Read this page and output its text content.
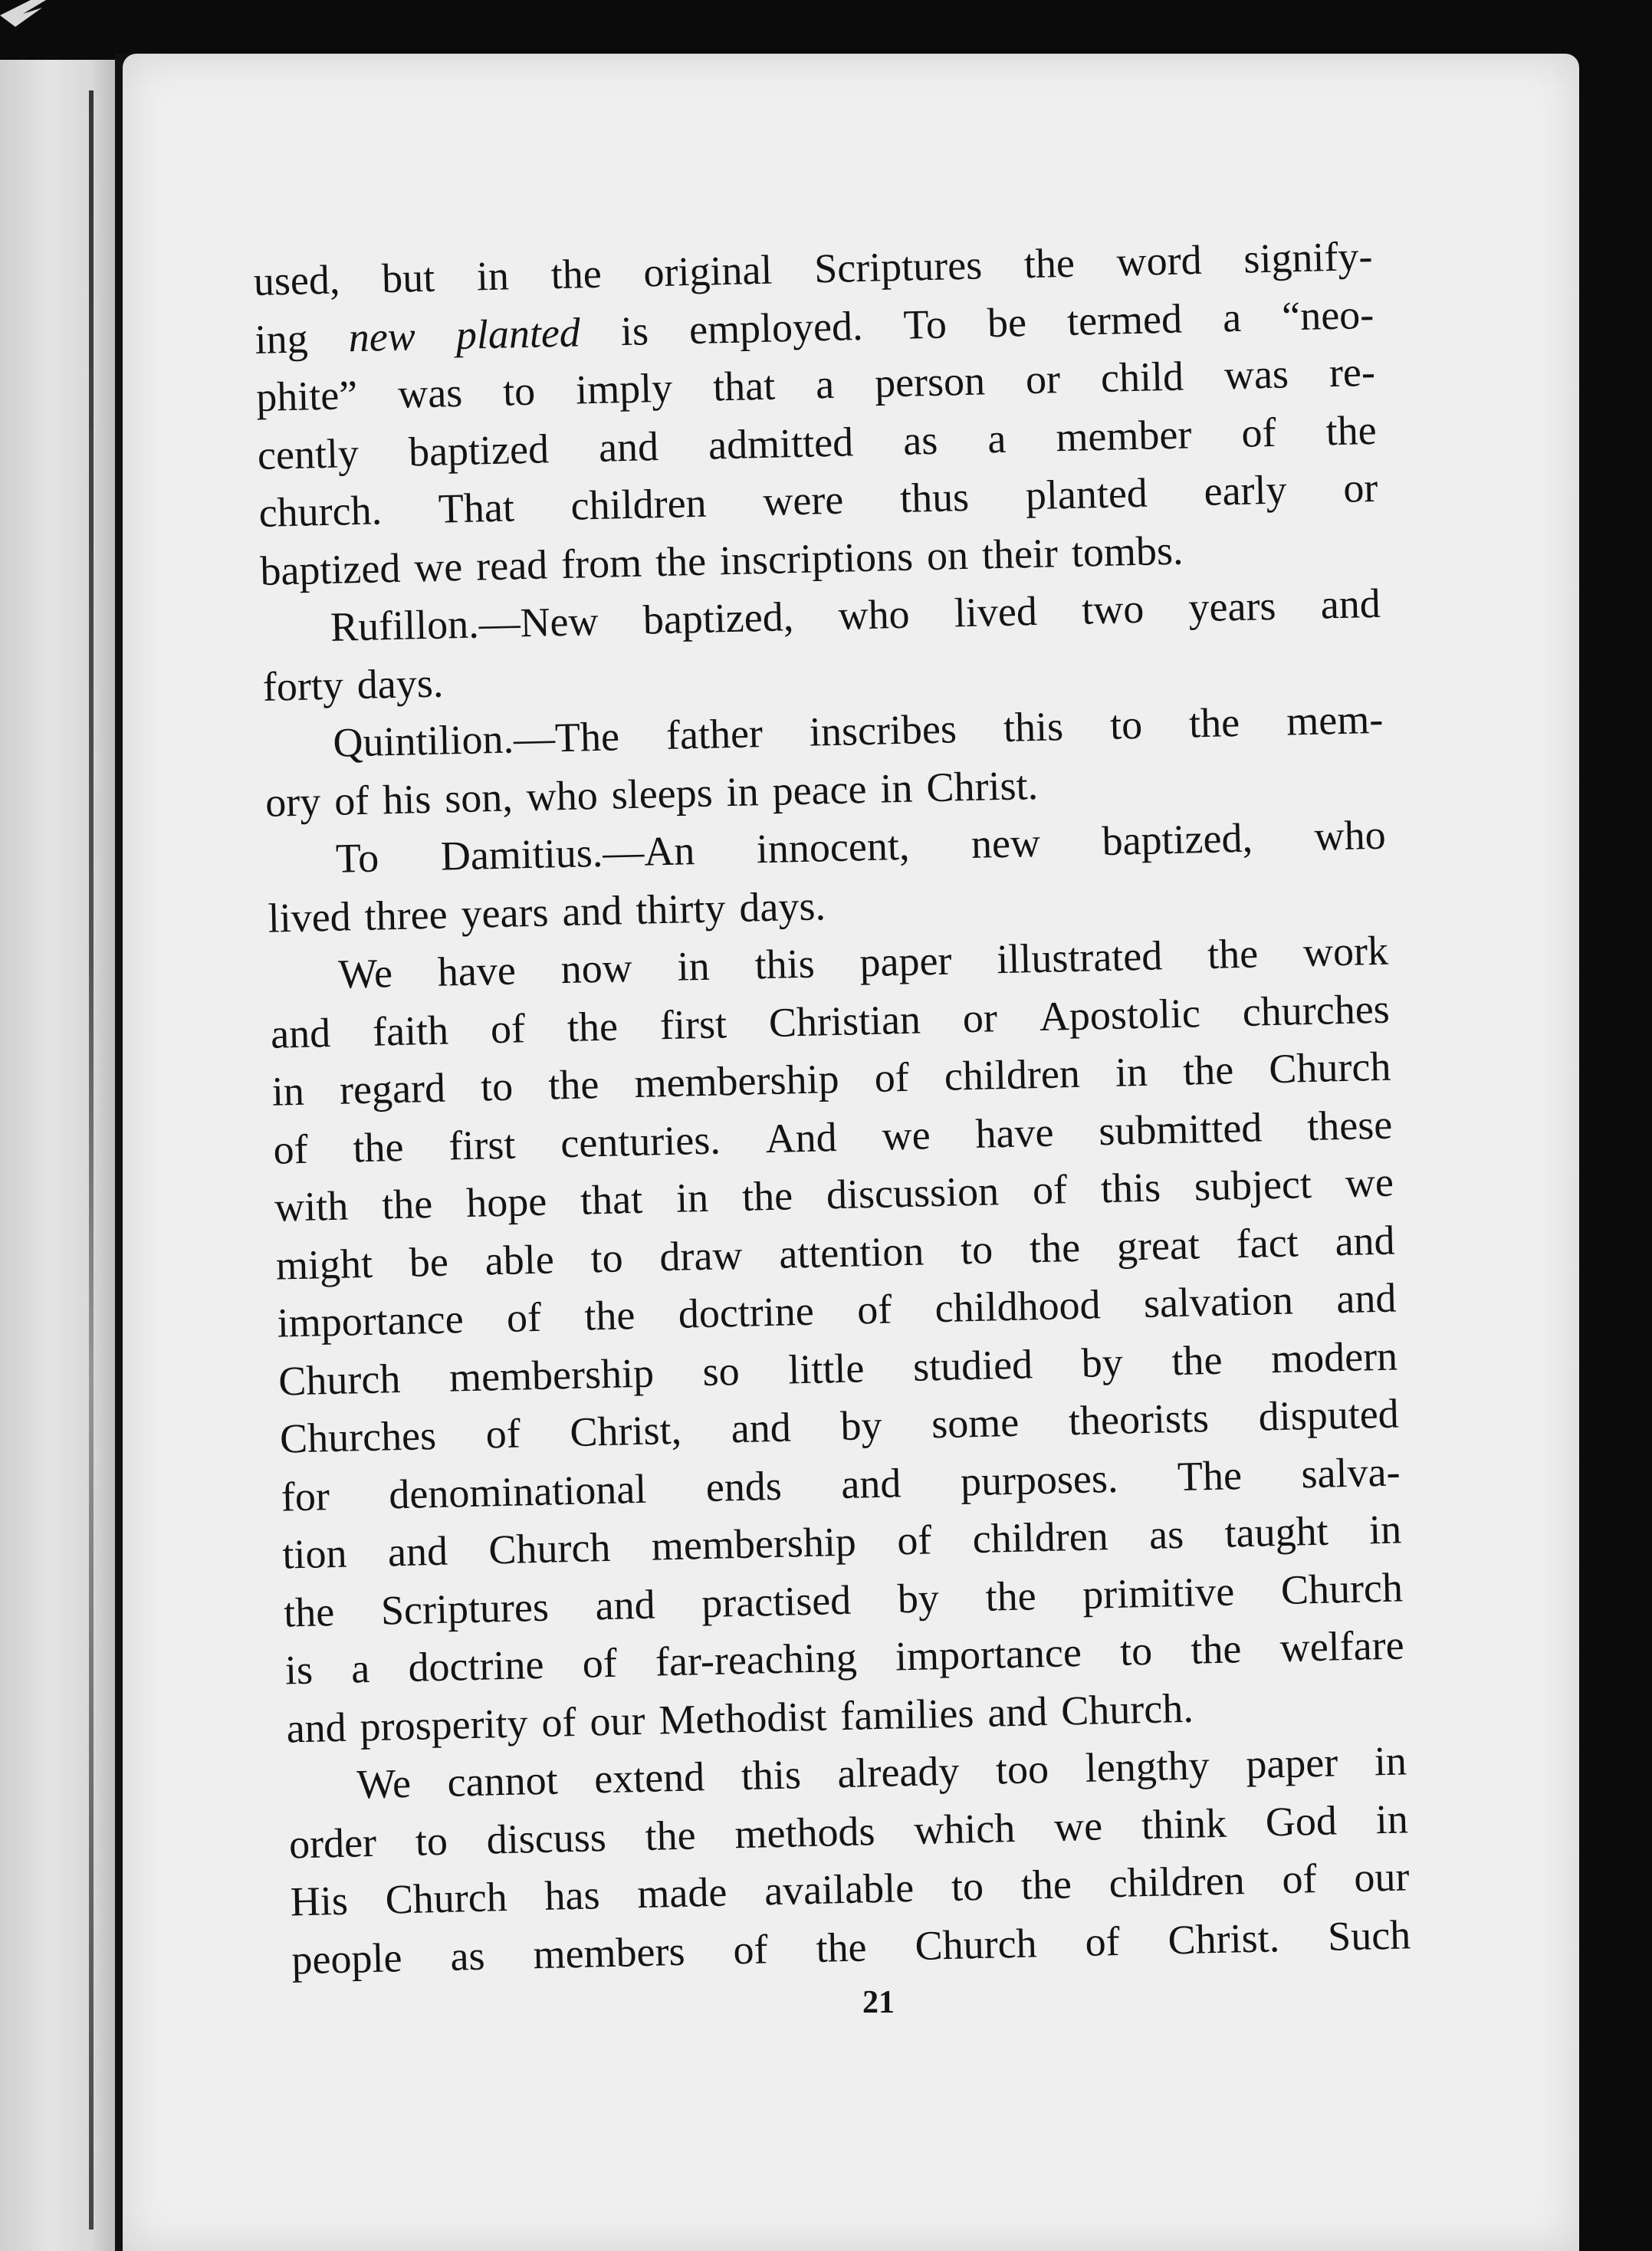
used, but in the original Scriptures the word signify-
ing new planted is employed. To be termed a “neo-
phite” was to imply that a person or child was re-
cently baptized and admitted as a member of the
church. That children were thus planted early or
baptized we read from the inscriptions on their tombs.
Rufillon.—New baptized, who lived two years and
forty days.
Quintilion.—The father inscribes this to the mem-
ory of his son, who sleeps in peace in Christ.
To Damitius.—An innocent, new baptized, who
lived three years and thirty days.
We have now in this paper illustrated the work
and faith of the first Christian or Apostolic churches
in regard to the membership of children in the Church
of the first centuries. And we have submitted these
with the hope that in the discussion of this subject we
might be able to draw attention to the great fact and
importance of the doctrine of childhood salvation and
Church membership so little studied by the modern
Churches of Christ, and by some theorists disputed
for denominational ends and purposes. The salva-
tion and Church membership of children as taught in
the Scriptures and practised by the primitive Church
is a doctrine of far-reaching importance to the welfare
and prosperity of our Methodist families and Church.
We cannot extend this already too lengthy paper in
order to discuss the methods which we think God in
His Church has made available to the children of our
people as members of the Church of Christ. Such
21
